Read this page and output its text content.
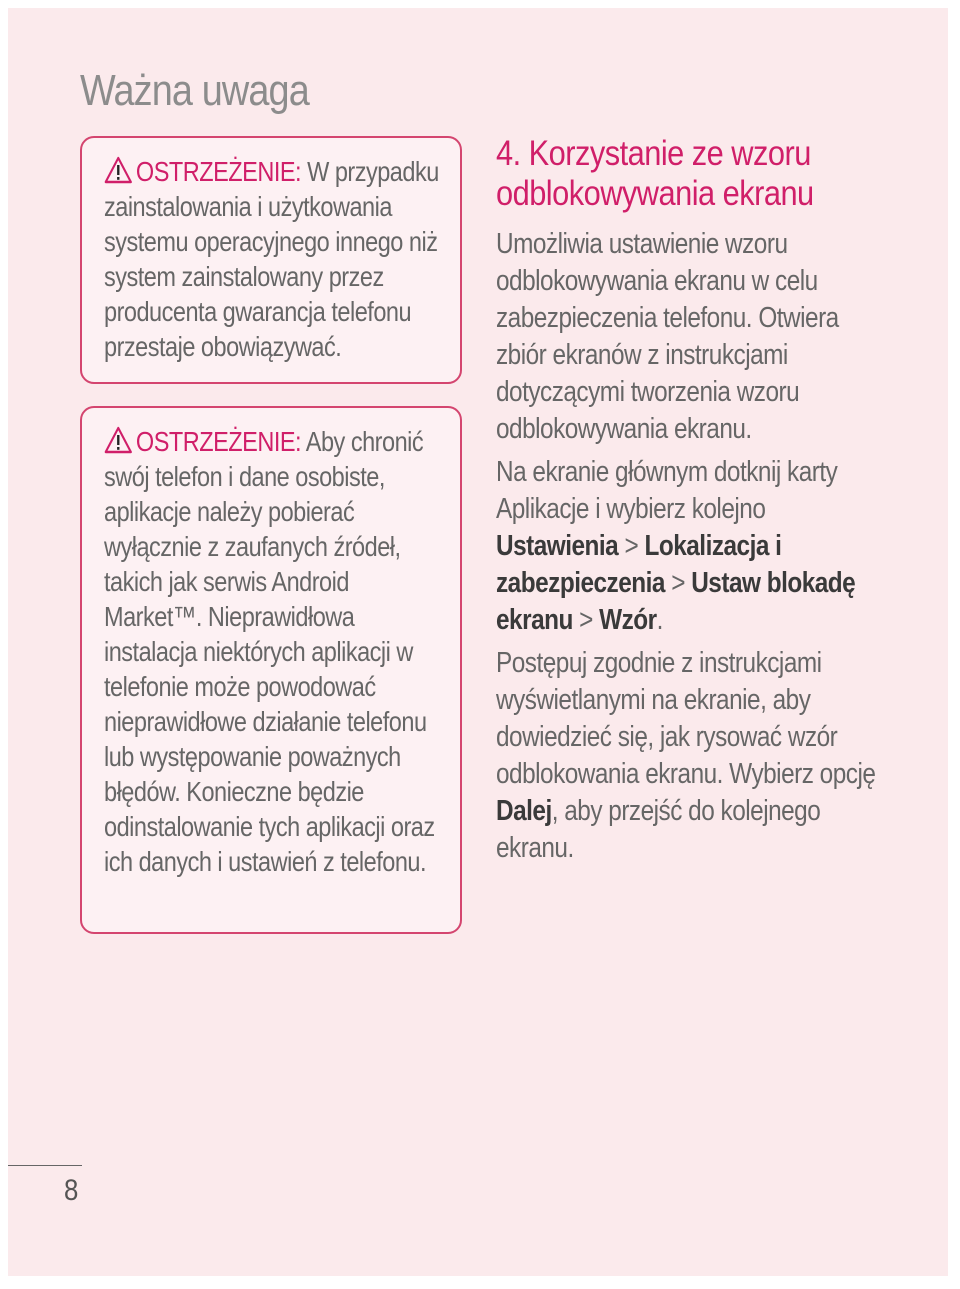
Ważna uwaga

OSTRZEŻENIE: W przypadku zainstalowania i użytkowania systemu operacyjnego innego niż system zainstalowany przez producenta gwarancja telefonu przestaje obowiązywać.

OSTRZEŻENIE: Aby chronić swój telefon i dane osobiste, aplikacje należy pobierać wyłącznie z zaufanych źródeł, takich jak serwis Android Market™. Nieprawidłowa instalacja niektórych aplikacji w telefonie może powodować nieprawidłowe działanie telefonu lub występowanie poważnych błędów. Konieczne będzie odinstalowanie tych aplikacji oraz ich danych i ustawień z telefonu.

4. Korzystanie ze wzoru odblokowywania ekranu

Umożliwia ustawienie wzoru odblokowywania ekranu w celu zabezpieczenia telefonu. Otwiera zbiór ekranów z instrukcjami dotyczącymi tworzenia wzoru odblokowywania ekranu.

Na ekranie głównym dotknij karty Aplikacje i wybierz kolejno Ustawienia > Lokalizacja i zabezpieczenia > Ustaw blokadę ekranu > Wzór.

Postępuj zgodnie z instrukcjami wyświetlanymi na ekranie, aby dowiedzieć się, jak rysować wzór odblokowania ekranu. Wybierz opcję Dalej, aby przejść do kolejnego ekranu.

8
